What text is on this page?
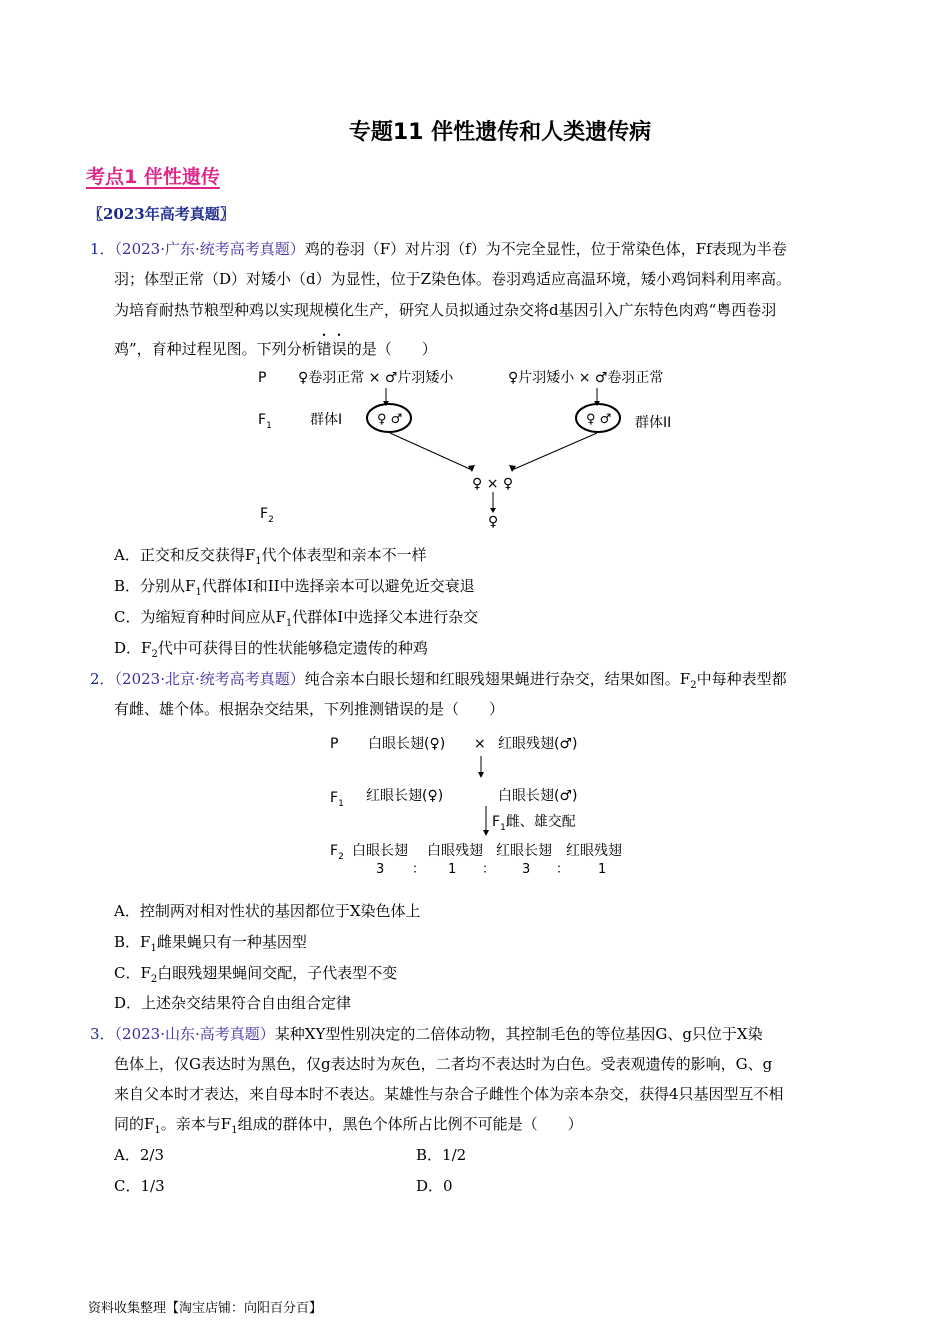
专题11 伴性遗传和人类遗传病
考点1 伴性遗传
〖2023年高考真题〗
1．（2023·广东·统考高考真题）鸡的卷羽（F）对片羽（f）为不完全显性，位于常染色体，Ff表现为半卷
羽；体型正常（D）对矮小（d）为显性，位于Z染色体。卷羽鸡适应高温环境，矮小鸡饲料利用率高。
为培育耐热节粮型种鸡以实现规模化生产，研究人员拟通过杂交将d基因引入广东特色肉鸡“粤西卷羽
鸡”，育种过程见图。下列分析错误的是（　　）
P ♀卷羽正常 × ♂片羽矮小	♀片羽矮小 × ♂卷羽正常
$F_1$	群体I	群体II
♀ ♂	♀ ♂
♀ × ♀
$F_2$	♀
A．正交和反交获得$F_1$代个体表型和亲本不一样
B．分别从$F_1$代群体I和II中选择亲本可以避免近交衰退
C．为缩短育种时间应从$F_1$代群体I中选择父本进行杂交
D．$F_2$代中可获得目的性状能够稳定遗传的种鸡
2．（2023·北京·统考高考真题）纯合亲本白眼长翅和红眼残翅果蝇进行杂交，结果如图。$F_2$中每种表型都
有雌、雄个体。根据杂交结果，下列推测错误的是（　　）
P 白眼长翅(♀) × 红眼残翅(♂)
$F_1$ 红眼长翅(♀)	白眼长翅(♂)
$F_1$雌、雄交配
$F_2$ 白眼长翅 白眼残翅 红眼长翅 红眼残翅
3 ： 1 ： 3 ： 1
A．控制两对相对性状的基因都位于X染色体上
B．$F_1$雌果蝇只有一种基因型
C．$F_2$白眼残翅果蝇间交配，子代表型不变
D．上述杂交结果符合自由组合定律
3．（2023·山东·高考真题）某种XY型性别决定的二倍体动物，其控制毛色的等位基因G、g只位于X染
色体上，仅G表达时为黑色，仅g表达时为灰色，二者均不表达时为白色。受表观遗传的影响，G、g
来自父本时才表达，来自母本时不表达。某雄性与杂合子雌性个体为亲本杂交，获得4只基因型互不相
同的$F_1$。亲本与$F_1$组成的群体中，黑色个体所占比例不可能是（　　）
A．2/3	B．1/2
C．1/3	D．0
资料收集整理【淘宝店铺：向阳百分百】
